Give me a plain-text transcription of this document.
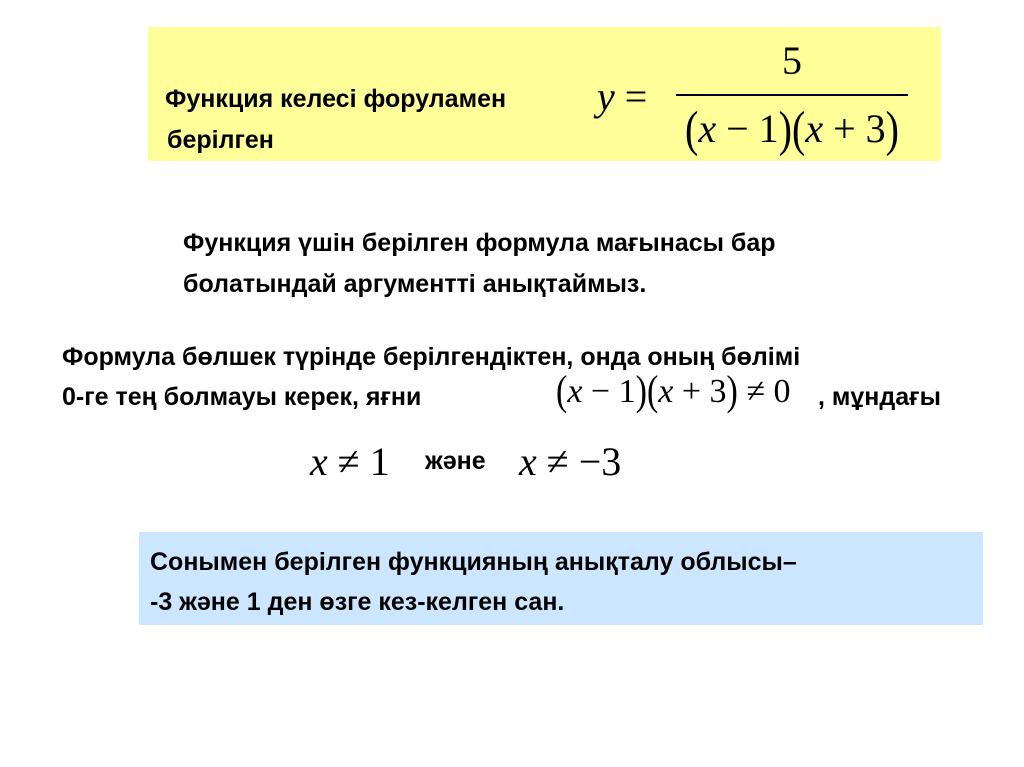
Функция келесі форуламен
берілген
y =
5
(x − 1)(x + 3)
Функция үшін берілген формула мағынасы бар
болатындай аргументті анықтаймыз.
Формула бөлшек түрінде берілгендіктен, онда оның бөлімі
0-ге тең болмауы керек, яғни	(x − 1)(x + 3) ≠ 0 , мұндағы
x ≠ 1 және x ≠ −3
Сонымен берілген функцияның анықталу облысы–
-3 және 1 ден өзге кез-келген сан.
